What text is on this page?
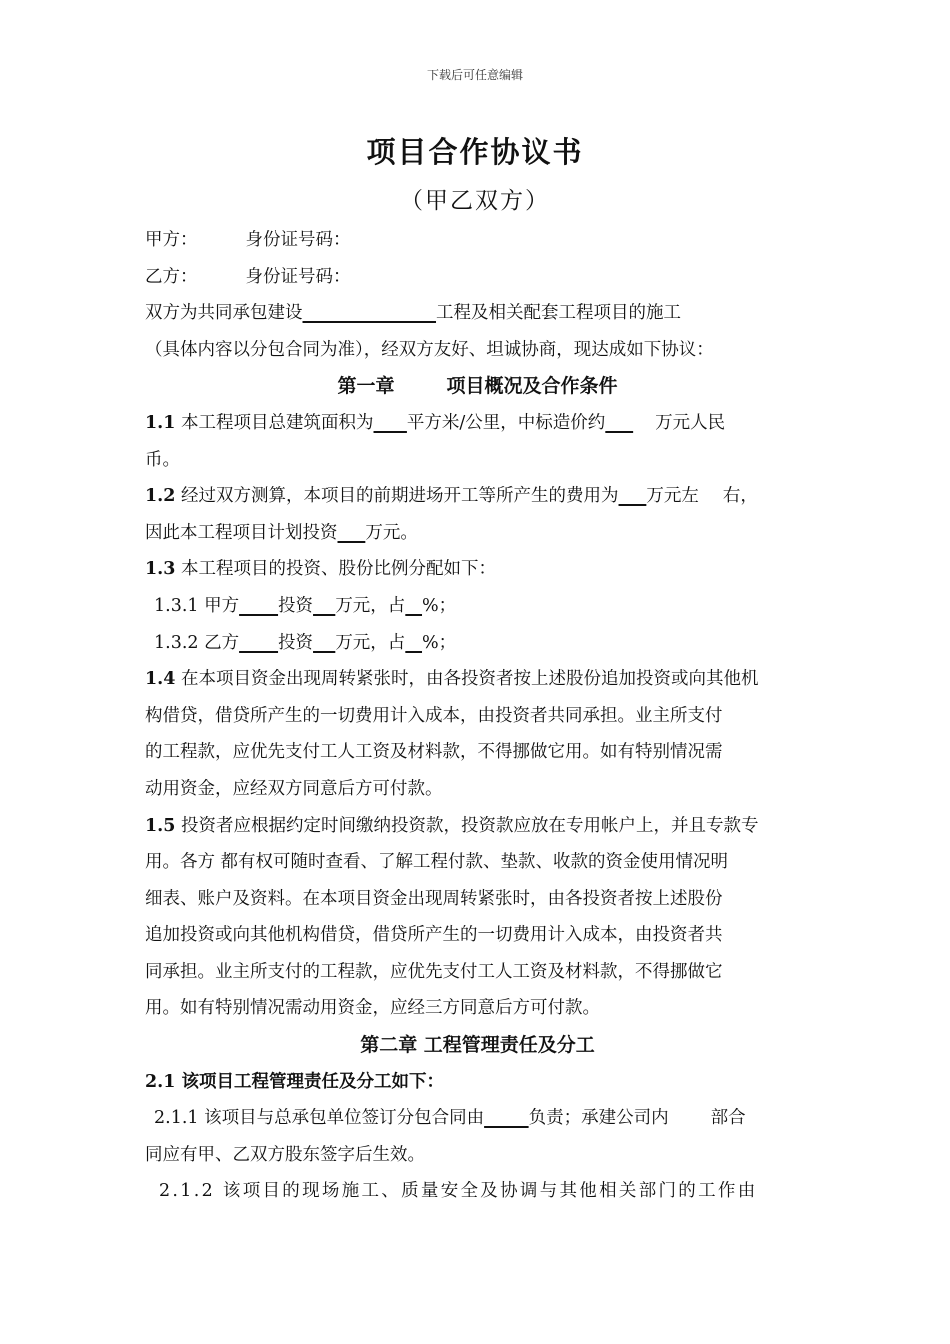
下载后可任意编辑
项目合作协议书
（甲乙双方）
甲方：	身份证号码：
乙方：	身份证号码：
双方为共同承包建设	工程及相关配套工程项目的施工
（具体内容以分包合同为准），经双方友好、坦诚协商，现达成如下协议：
第一章	项目概况及合作条件
1.1 本工程项目总建筑面积为 平方米/公里，中标造价约	万元人民
币。
1.2 经过双方测算，本项目的前期进场开工等所产生的费用为 万元左 右，
因此本工程项目计划投资 万元。
1.3 本工程项目的投资、股份比例分配如下：
1.3.1 甲方 投资 万元，占 %；
1.3.2 乙方 投资 万元，占 %；
1.4 在本项目资金出现周转紧张时，由各投资者按上述股份追加投资或向其他机
构借贷，借贷所产生的一切费用计入成本，由投资者共同承担。业主所支付
的工程款，应优先支付工人工资及材料款，不得挪做它用。如有特别情况需
动用资金，应经双方同意后方可付款。
1.5 投资者应根据约定时间缴纳投资款，投资款应放在专用帐户上，并且专款专
用。各方 都有权可随时查看、了解工程付款、垫款、收款的资金使用情况明
细表、账户及资料。在本项目资金出现周转紧张时，由各投资者按上述股份
追加投资或向其他机构借贷，借贷所产生的一切费用计入成本，由投资者共
同承担。业主所支付的工程款，应优先支付工人工资及材料款，不得挪做它
用。如有特别情况需动用资金，应经三方同意后方可付款。
第二章 工程管理责任及分工
2.1 该项目工程管理责任及分工如下：
2.1.1 该项目与总承包单位签订分包合同由	负责；承建公司内 部合
同应有甲、乙双方股东签字后生效。
2.1.2 该项目的现场施工、质量安全及协调与其他相关部门的工作由
